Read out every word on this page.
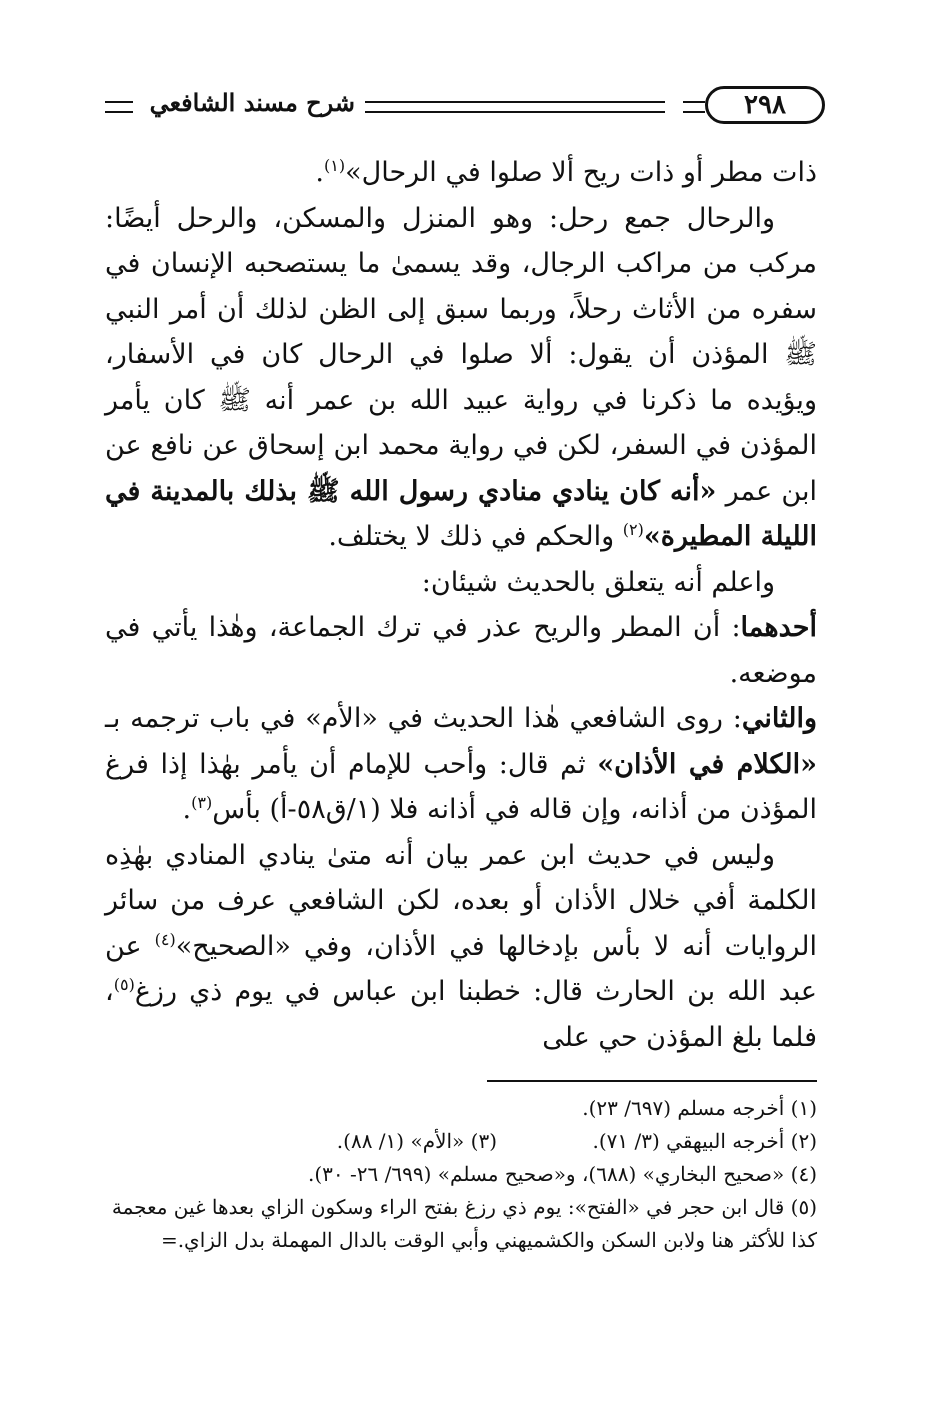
٢٩٨
شرح مسند الشافعي

ذات مطر أو ذات ريح ألا صلوا في الرحال»$^{(١)}$.

والرحال جمع رحل: وهو المنزل والمسكن، والرحل أيضًا: مركب من مراكب الرجال، وقد يسمىٰ ما يستصحبه الإنسان في سفره من الأثاث رحلاً، وربما سبق إلى الظن لذلك أن أمر النبي ﷺ المؤذن أن يقول: ألا صلوا في الرحال كان في الأسفار، ويؤيده ما ذكرنا في رواية عبيد الله بن عمر أنه ﷺ كان يأمر المؤذن في السفر، لكن في رواية محمد ابن إسحاق عن نافع عن ابن عمر «أنه كان ينادي منادي رسول الله ﷺ بذلك بالمدينة في الليلة المطيرة»$^{(٢)}$ والحكم في ذلك لا يختلف.

واعلم أنه يتعلق بالحديث شيئان:

أحدهما: أن المطر والريح عذر في ترك الجماعة، وهٰذا يأتي في موضعه.

والثاني: روى الشافعي هٰذا الحديث في «الأم» في باب ترجمه بـ «الكلام في الأذان» ثم قال: وأحب للإمام أن يأمر بهٰذا إذا فرغ المؤذن من أذانه، وإن قاله في أذانه فلا (١/ق٥٨-أ) بأس$^{(٣)}$.

وليس في حديث ابن عمر بيان أنه متىٰ ينادي المنادي بهٰذِه الكلمة أفي خلال الأذان أو بعده، لكن الشافعي عرف من سائر الروايات أنه لا بأس بإدخالها في الأذان، وفي «الصحيح»$^{(٤)}$ عن عبد الله بن الحارث قال: خطبنا ابن عباس في يوم ذي رزغ$^{(٥)}$، فلما بلغ المؤذن حي على

(١) أخرجه مسلم (٦٩٧/ ٢٣).
(٢) أخرجه البيهقي (٣/ ٧١).
(٣) «الأم» (١/ ٨٨).
(٤) «صحيح البخاري» (٦٨٨)، و«صحيح مسلم» (٦٩٩/ ٢٦- ٣٠).
(٥) قال ابن حجر في «الفتح»: يوم ذي رزغ بفتح الراء وسكون الزاي بعدها غين معجمة
كذا للأكثر هنا ولابن السكن والكشميهني وأبي الوقت بالدال المهملة بدل الزاي.=
